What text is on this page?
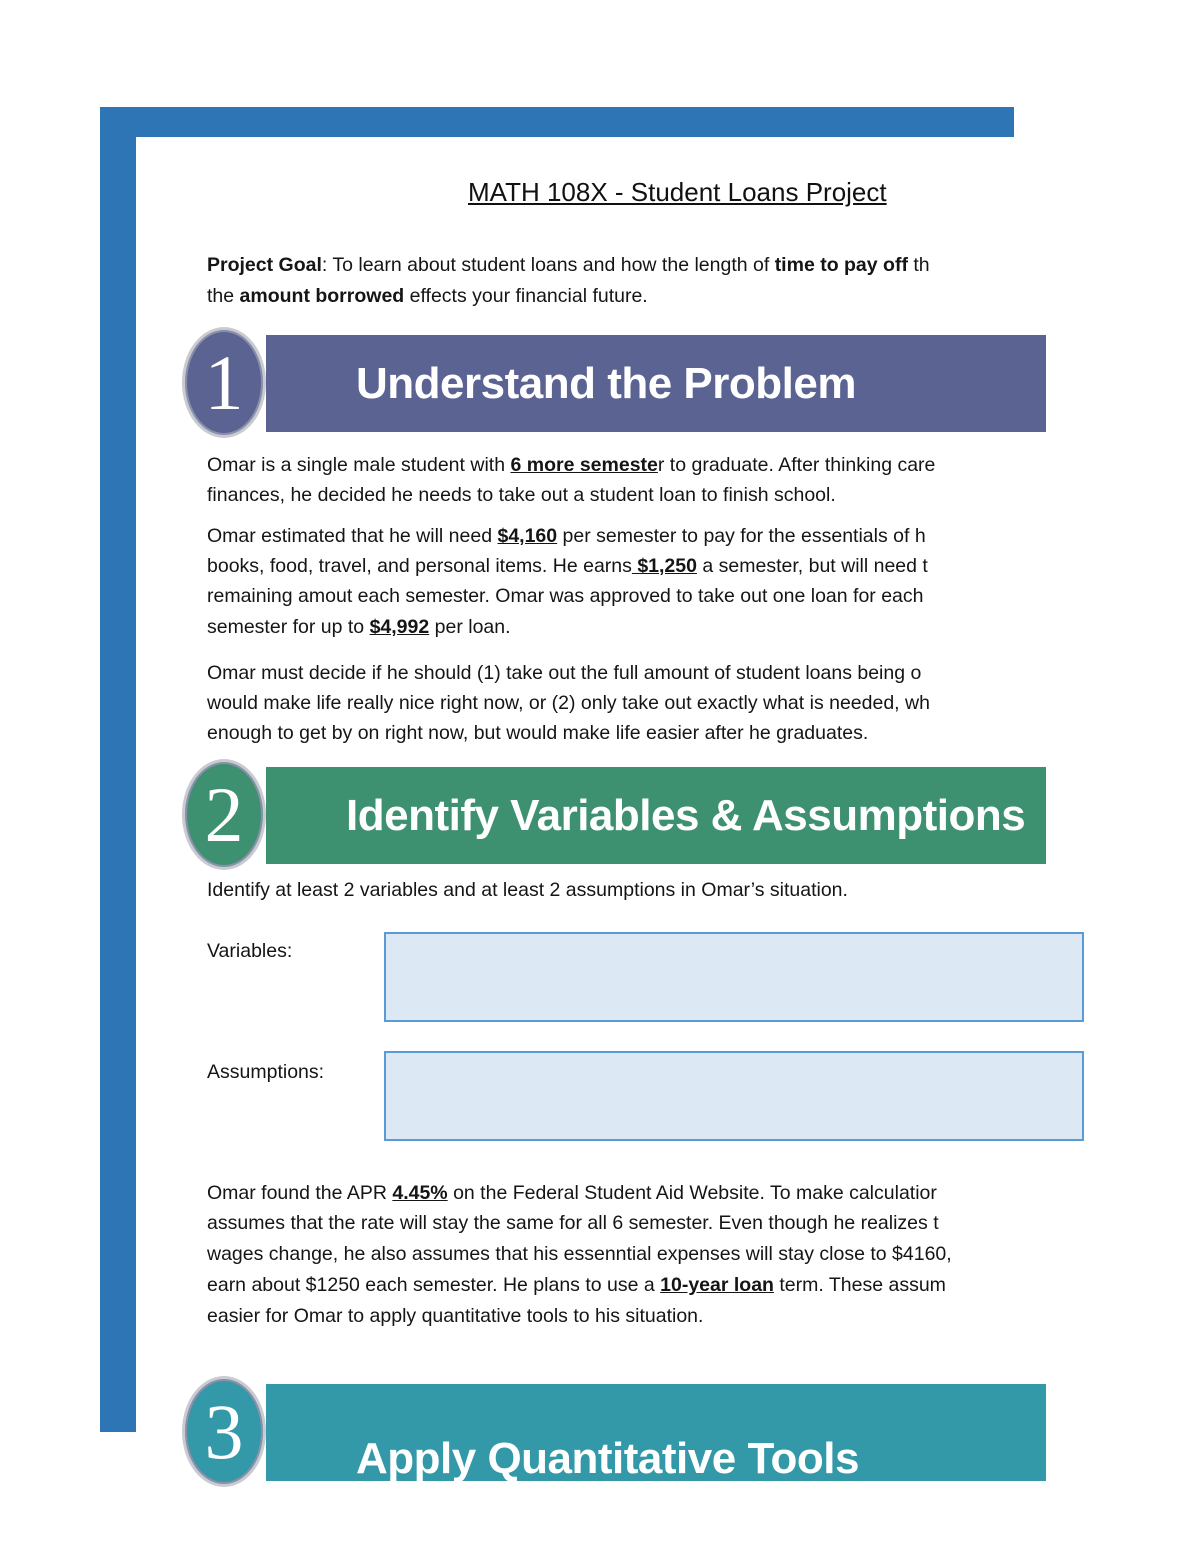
MATH 108X - Student Loans Project
Project Goal: To learn about student loans and how the length of time to pay off th
the amount borrowed effects your financial future.
Understand the Problem
1
Omar is a single male student with 6 more semester to graduate. After thinking care
finances, he decided he needs to take out a student loan to finish school.
Omar estimated that he will need $4,160 per semester to pay for the essentials of h
books, food, travel, and personal items. He earns $1,250 a semester, but will need t
remaining amout each semester. Omar was approved to take out one loan for each
semester for up to $4,992 per loan.
Omar must decide if he should (1) take out the full amount of student loans being o
would make life really nice right now, or (2) only take out exactly what is needed, wh
enough to get by on right now, but would make life easier after he graduates.
Identify Variables & Assumptions
2
Identify at least 2 variables and at least 2 assumptions in Omar’s situation.
Variables:
Assumptions:
Omar found the APR 4.45% on the Federal Student Aid Website. To make calculatior
assumes that the rate will stay the same for all 6 semester. Even though he realizes t
wages change, he also assumes that his essenntial expenses will stay close to $4160,
earn about $1250 each semester. He plans to use a 10-year loan term. These assum
easier for Omar to apply quantitative tools to his situation.
Apply Quantitative Tools
3
